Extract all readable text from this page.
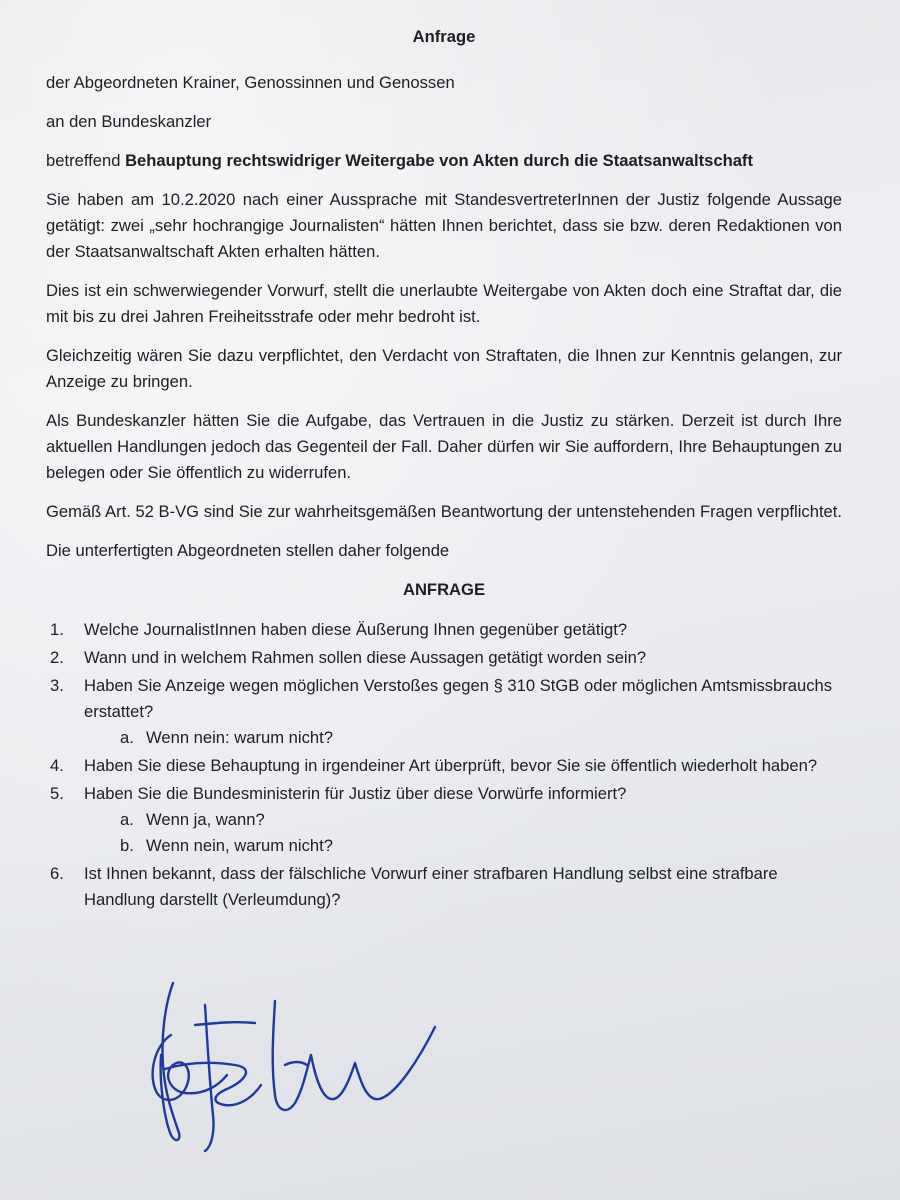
Anfrage

der Abgeordneten Krainer, Genossinnen und Genossen

an den Bundeskanzler

betreffend Behauptung rechtswidriger Weitergabe von Akten durch die Staatsanwaltschaft

Sie haben am 10.2.2020 nach einer Aussprache mit StandesvertreterInnen der Justiz folgende Aussage getätigt: zwei „sehr hochrangige Journalisten“ hätten Ihnen berichtet, dass sie bzw. deren Redaktionen von der Staatsanwaltschaft Akten erhalten hätten.

Dies ist ein schwerwiegender Vorwurf, stellt die unerlaubte Weitergabe von Akten doch eine Straftat dar, die mit bis zu drei Jahren Freiheitsstrafe oder mehr bedroht ist.

Gleichzeitig wären Sie dazu verpflichtet, den Verdacht von Straftaten, die Ihnen zur Kenntnis gelangen, zur Anzeige zu bringen.

Als Bundeskanzler hätten Sie die Aufgabe, das Vertrauen in die Justiz zu stärken. Derzeit ist durch Ihre aktuellen Handlungen jedoch das Gegenteil der Fall. Daher dürfen wir Sie auffordern, Ihre Behauptungen zu belegen oder Sie öffentlich zu widerrufen.

Gemäß Art. 52 B-VG sind Sie zur wahrheitsgemäßen Beantwortung der untenstehenden Fragen verpflichtet.

Die unterfertigten Abgeordneten stellen daher folgende

ANFRAGE
1. Welche JournalistInnen haben diese Äußerung Ihnen gegenüber getätigt?
2. Wann und in welchem Rahmen sollen diese Aussagen getätigt worden sein?
3. Haben Sie Anzeige wegen möglichen Verstoßes gegen § 310 StGB oder möglichen Amtsmissbrauchs erstattet?
a. Wenn nein: warum nicht?
4. Haben Sie diese Behauptung in irgendeiner Art überprüft, bevor Sie sie öffentlich wiederholt haben?
5. Haben Sie die Bundesministerin für Justiz über diese Vorwürfe informiert?
a. Wenn ja, wann?
b. Wenn nein, warum nicht?
6. Ist Ihnen bekannt, dass der fälschliche Vorwurf einer strafbaren Handlung selbst eine strafbare Handlung darstellt (Verleumdung)?
